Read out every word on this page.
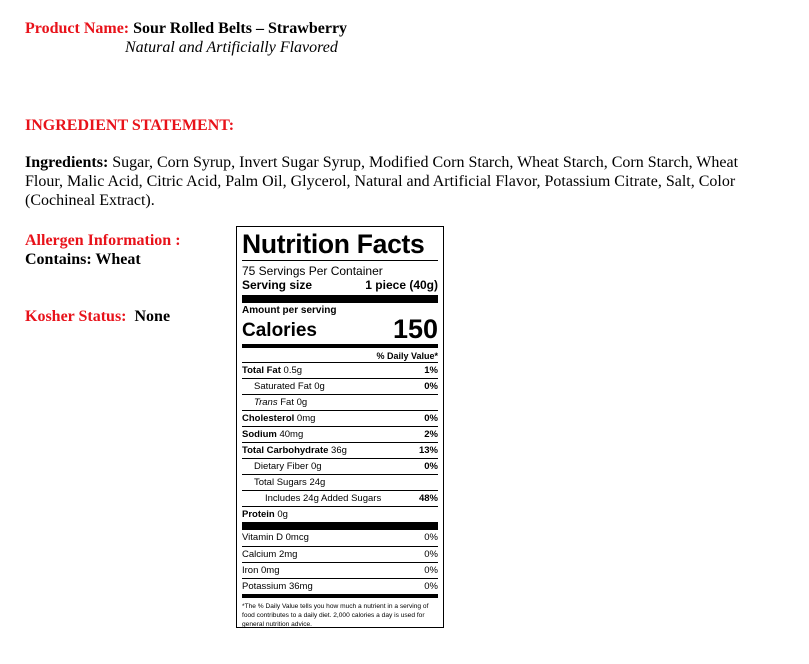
Product Name: Sour Rolled Belts – Strawberry
Natural and Artificially Flavored
INGREDIENT STATEMENT:
Ingredients: Sugar, Corn Syrup, Invert Sugar Syrup, Modified Corn Starch, Wheat Starch, Corn Starch, Wheat
Flour, Malic Acid, Citric Acid, Palm Oil, Glycerol, Natural and Artificial Flavor, Potassium Citrate, Salt, Color
(Cochineal Extract).
Allergen Information :
Contains: Wheat
Kosher Status: None
Nutrition Facts
75 Servings Per Container
Serving size	1 piece (40g)
Amount per serving
Calories	150
% Daily Value*
Total Fat 0.5g	1%
Saturated Fat 0g	0%
Trans Fat 0g
Cholesterol 0mg	0%
Sodium 40mg	2%
Total Carbohydrate 36g	13%
Dietary Fiber 0g	0%
Total Sugars 24g
Includes 24g Added Sugars	48%
Protein 0g
Vitamin D 0mcg	0%
Calcium 2mg	0%
Iron 0mg	0%
Potassium 36mg	0%
*The % Daily Value tells you how much a nutrient in a serving of food contributes to a daily diet. 2,000 calories a day is used for general nutrition advice.
